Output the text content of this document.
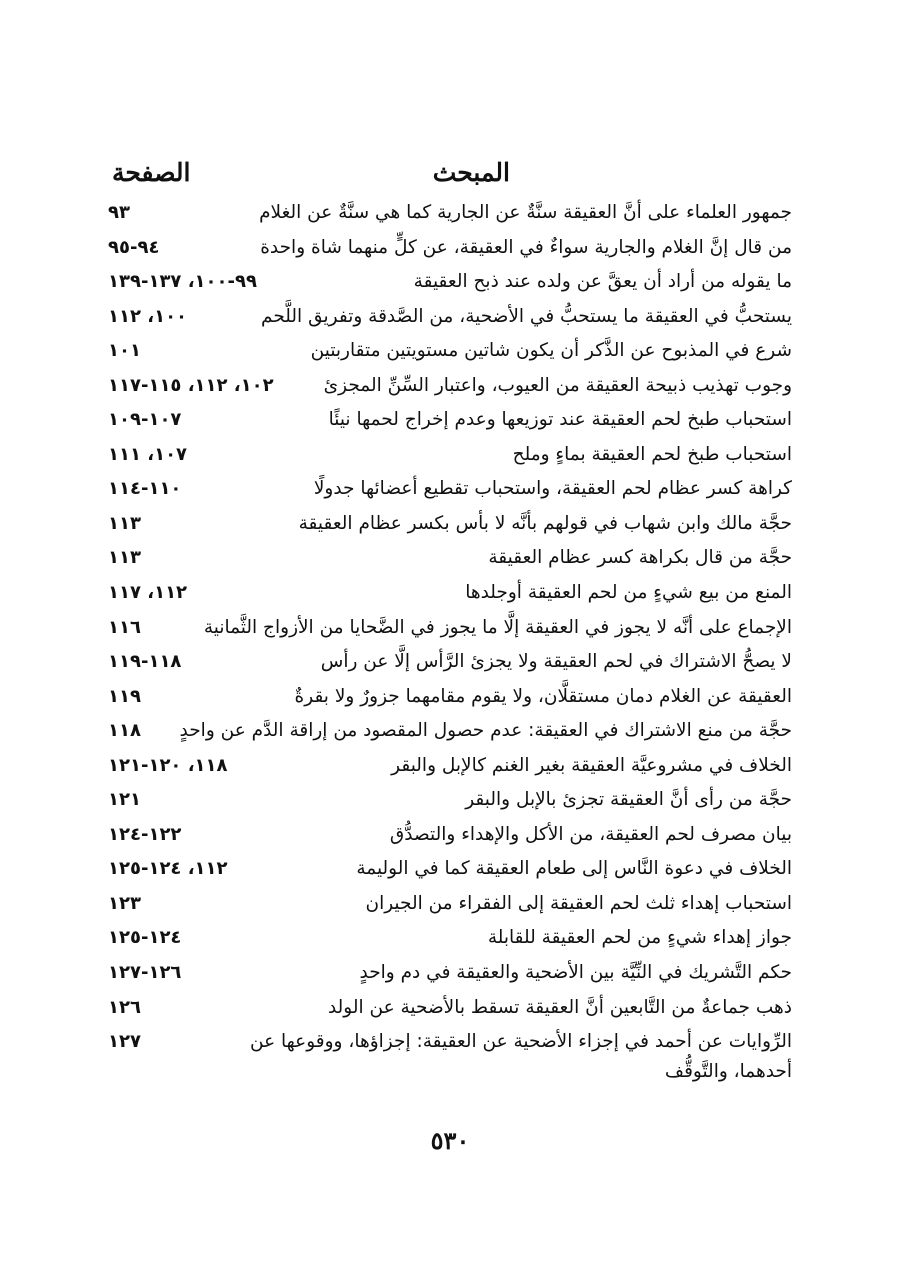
المبحث
الصفحة
جمهور العلماء على أنَّ العقيقة سنَّةٌ عن الجارية كما هي سنَّةٌ عن الغلام
٩٣
من قال إنَّ الغلام والجارية سواءٌ في العقيقة، عن كلٍّ منهما شاة واحدة
٩٤-٩٥
ما يقوله من أراد أن يعقَّ عن ولده عند ذبح العقيقة
٩٩-١٠٠، ١٣٧-١٣٩
يستحبُّ في العقيقة ما يستحبُّ في الأضحية، من الصَّدقة وتفريق اللَّحم
١٠٠، ١١٢
شرع في المذبوح عن الذَّكر أن يكون شاتين مستويتين متقاربتين
١٠١
وجوب تهذيب ذبيحة العقيقة من العيوب، واعتبار السِّنِّ المجزئ
١٠٢، ١١٢، ١١٥-١١٧
استحباب طبخ لحم العقيقة عند توزيعها وعدم إخراج لحمها نيئًا
١٠٧-١٠٩
استحباب طبخ لحم العقيقة بماءٍ وملح
١٠٧، ١١١
كراهة كسر عظام لحم العقيقة، واستحباب تقطيع أعضائها جدولًا
١١٠-١١٤
حجَّة مالك وابن شهاب في قولهم بأنَّه لا بأس بكسر عظام العقيقة
١١٣
حجَّة من قال بكراهة كسر عظام العقيقة
١١٣
المنع من بيع شيءٍ من لحم العقيقة أوجلدها
١١٢، ١١٧
الإجماع على أنَّه لا يجوز في العقيقة إلَّا ما يجوز في الضَّحايا من الأزواج الثَّمانية
١١٦
لا يصحُّ الاشتراك في لحم العقيقة ولا يجزئ الرَّأس إلَّا عن رأس
١١٨-١١٩
العقيقة عن الغلام دمان مستقلَّان، ولا يقوم مقامهما جزورٌ ولا بقرةٌ
١١٩
حجَّة من منع الاشتراك في العقيقة: عدم حصول المقصود من إراقة الدَّم عن واحدٍ
١١٨
الخلاف في مشروعيَّة العقيقة بغير الغنم كالإبل والبقر
١١٨، ١٢٠-١٢١
حجَّة من رأى أنَّ العقيقة تجزئ بالإبل والبقر
١٢١
بيان مصرف لحم العقيقة، من الأكل والإهداء والتصدُّق
١٢٢-١٢٤
الخلاف في دعوة النَّاس إلى طعام العقيقة كما في الوليمة
١١٢، ١٢٤-١٢٥
استحباب إهداء ثلث لحم العقيقة إلى الفقراء من الجيران
١٢٣
جواز إهداء شيءٍ من لحم العقيقة للقابلة
١٢٤-١٢٥
حكم التَّشريك في النِّيَّة بين الأضحية والعقيقة في دم واحدٍ
١٢٦-١٢٧
ذهب جماعةٌ من التَّابعين أنَّ العقيقة تسقط بالأضحية عن الولد
١٢٦
الرِّوايات عن أحمد في إجزاء الأضحية عن العقيقة: إجزاؤها، ووقوعها عن
أحدهما، والتَّوقُّف
١٢٧
٥٣٠
